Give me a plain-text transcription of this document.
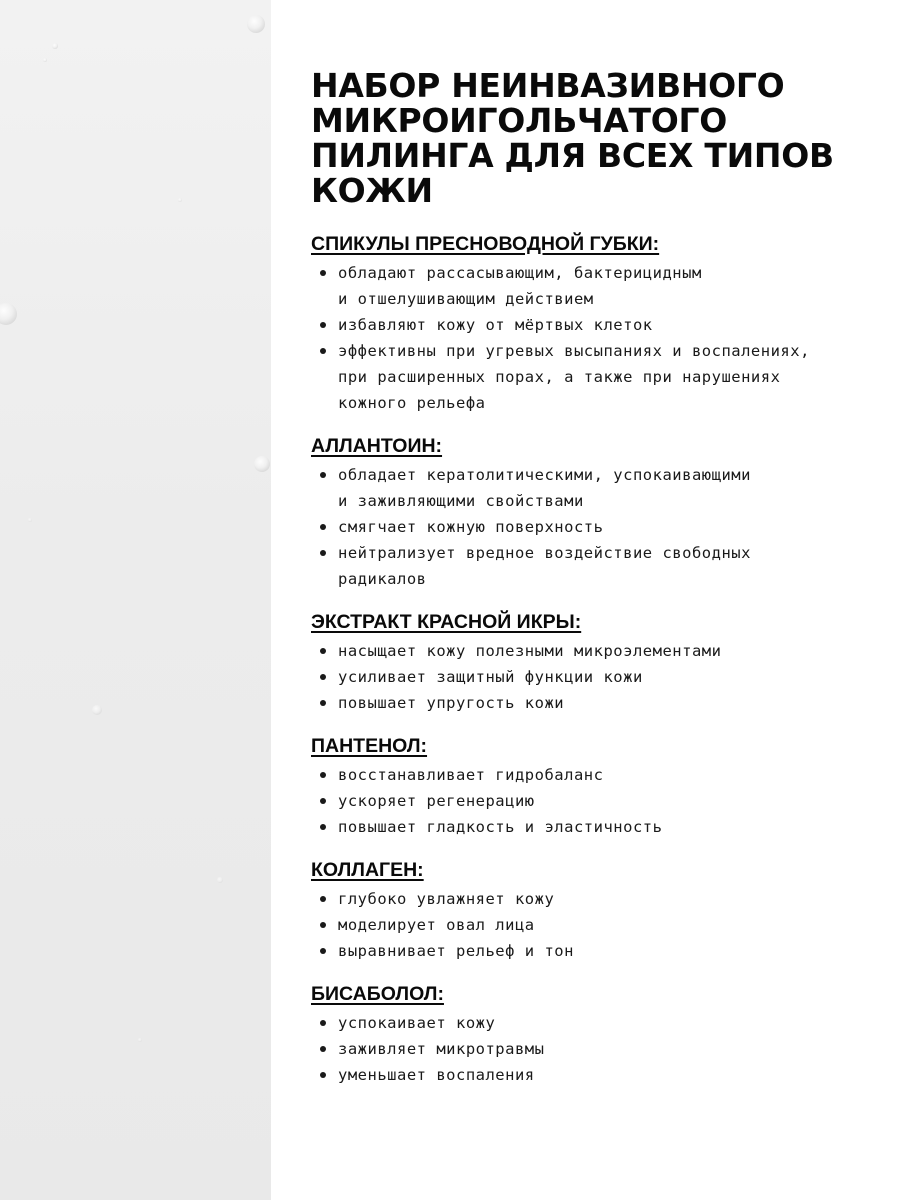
НАБОР НЕИНВАЗИВНОГО МИКРОИГОЛЬЧАТОГО ПИЛИНГА ДЛЯ ВСЕХ ТИПОВ КОЖИ
СПИКУЛЫ ПРЕСНОВОДНОЙ ГУБКИ:
обладают рассасывающим, бактерицидным
и отшелушивающим действием
избавляют кожу от мёртвых клеток
эффективны при угревых высыпаниях и воспалениях,
при расширенных порах, а также при нарушениях
кожного рельефа
АЛЛАНТОИН:
обладает кератолитическими, успокаивающими
и заживляющими свойствами
смягчает кожную поверхность
нейтрализует вредное воздействие свободных
радикалов
ЭКСТРАКТ КРАСНОЙ ИКРЫ:
насыщает кожу полезными микроэлементами
усиливает защитный функции кожи
повышает упругость кожи
ПАНТЕНОЛ:
восстанавливает гидробаланс
ускоряет регенерацию
повышает гладкость и эластичность
КОЛЛАГЕН:
глубоко увлажняет кожу
моделирует овал лица
выравнивает рельеф и тон
БИСАБОЛОЛ:
успокаивает кожу
заживляет микротравмы
уменьшает воспаления
